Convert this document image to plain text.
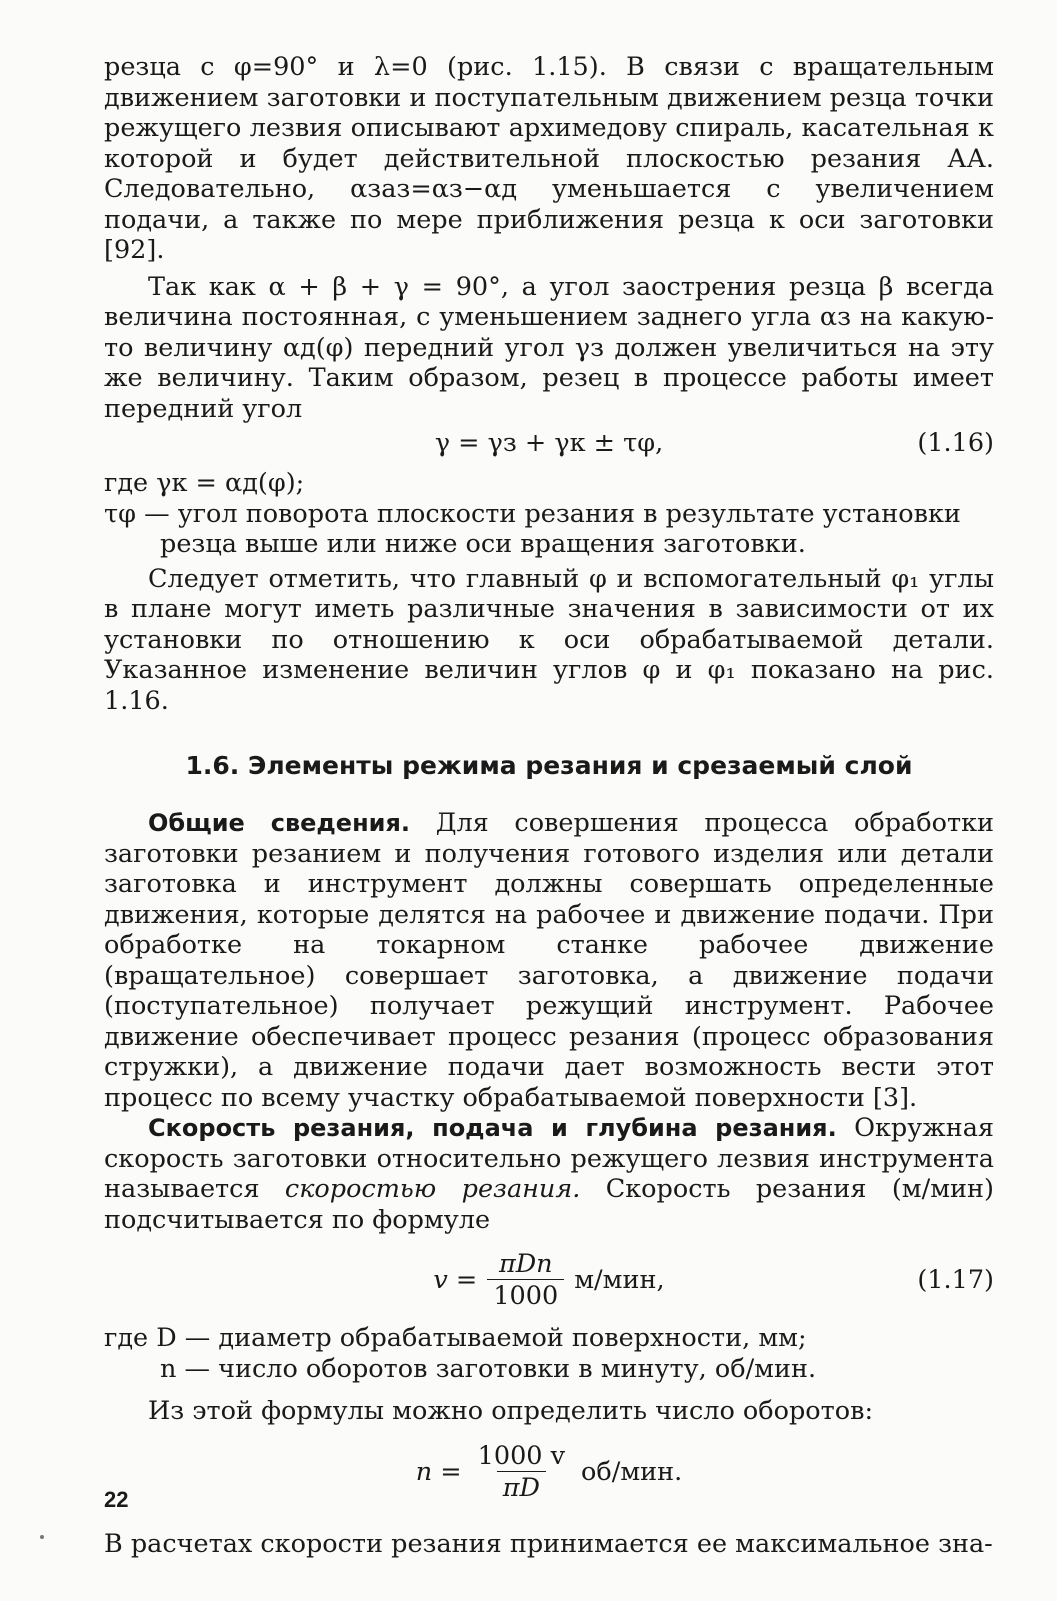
резца с φ=90° и λ=0 (рис. 1.15). В связи с вращательным движением заготовки и поступательным движением резца точки режущего лезвия описывают архимедову спираль, касательная к которой и будет действительной плоскостью резания АА. Следовательно, αзаз=αз−αд уменьшается с увеличением подачи, а также по мере приближения резца к оси заготовки [92].

Так как α + β + γ = 90°, а угол заострения резца β всегда величина постоянная, с уменьшением заднего угла αз на какую-то величину αд(φ) передний угол γз должен увеличиться на эту же величину. Таким образом, резец в процессе работы имеет передний угол

γ = γз + γк ± τφ,	(1.16)

где γк = αд(φ);

τφ — угол поворота плоскости резания в результате установки
резца выше или ниже оси вращения заготовки.

Следует отметить, что главный φ и вспомогательный φ₁ углы в плане могут иметь различные значения в зависимости от их установки по отношению к оси обрабатываемой детали. Указанное изменение величин углов φ и φ₁ показано на рис. 1.16.

1.6. Элементы режима резания и срезаемый слой

Общие сведения. Для совершения процесса обработки заготовки резанием и получения готового изделия или детали заготовка и инструмент должны совершать определенные движения, которые делятся на рабочее и движение подачи. При обработке на токарном станке рабочее движение (вращательное) совершает заготовка, а движение подачи (поступательное) получает режущий инструмент. Рабочее движение обеспечивает процесс резания (процесс образования стружки), а движение подачи дает возможность вести этот процесс по всему участку обрабатываемой поверхности [3].

Скорость резания, подача и глубина резания. Окружная скорость заготовки относительно режущего лезвия инструмента называется скоростью резания. Скорость резания (м/мин) подсчитывается по формуле

$v = \frac{\text{πDn}}{1000} м/мин$,	(1.17)

где D — диаметр обрабатываемой поверхности, мм;

n — число оборотов заготовки в минуту, об/мин.

Из этой формулы можно определить число оборотов:

$n = \frac{1000 v}{\pi D} об/мин$.

В расчетах скорости резания принимается ее максимальное зна-

22
